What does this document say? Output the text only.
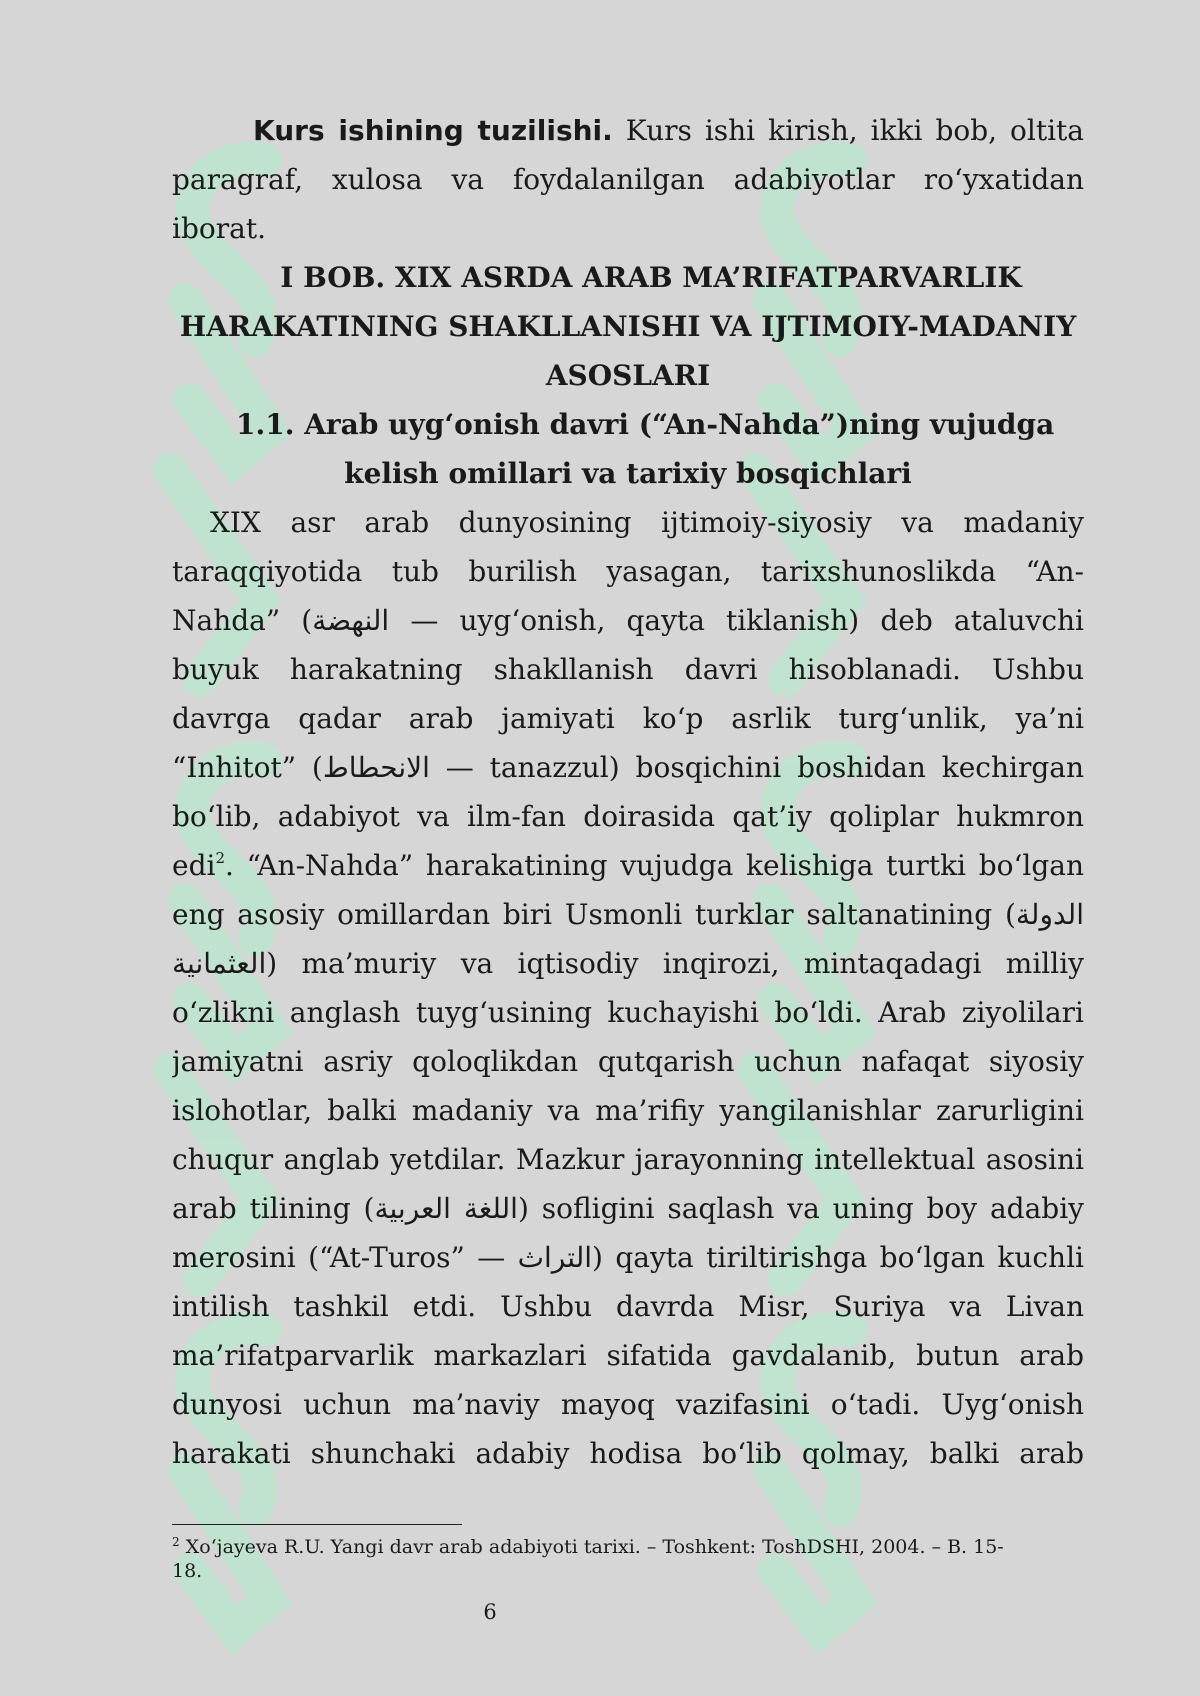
Kurs ishining tuzilishi. Kurs ishi kirish, ikki bob, oltita
paragraf, xulosa va foydalanilgan adabiyotlar ro‘yxatidan
iborat.
I BOB. XIX ASRDA ARAB MA’RIFATPARVARLIK
HARAKATINING SHAKLLANISHI VA IJTIMOIY-MADANIY
ASOSLARI
1.1. Arab uyg‘onish davri (“An-Nahda”)ning vujudga
kelish omillari va tarixiy bosqichlari
XIX asr arab dunyosining ijtimoiy-siyosiy va madaniy
taraqqiyotida tub burilish yasagan, tarixshunoslikda “An-
Nahda” (النهضة — uyg‘onish, qayta tiklanish) deb ataluvchi
buyuk harakatning shakllanish davri hisoblanadi. Ushbu
davrga qadar arab jamiyati ko‘p asrlik turg‘unlik, ya’ni
“Inhitot” (الانحطاط — tanazzul) bosqichini boshidan kechirgan
bo‘lib, adabiyot va ilm-fan doirasida qat’iy qoliplar hukmron
edi$^2$. “An-Nahda” harakatining vujudga kelishiga turtki bo‘lgan
eng asosiy omillardan biri Usmonli turklar saltanatining (الدولة
العثمانية) ma’muriy va iqtisodiy inqirozi, mintaqadagi milliy
o‘zlikni anglash tuyg‘usining kuchayishi bo‘ldi. Arab ziyolilari
jamiyatni asriy qoloqlikdan qutqarish uchun nafaqat siyosiy
islohotlar, balki madaniy va ma’rifiy yangilanishlar zarurligini
chuqur anglab yetdilar. Mazkur jarayonning intellektual asosini
arab tilining (اللغة العربية) sofligini saqlash va uning boy adabiy
merosini (“At-Turos” — التراث) qayta tiriltirishga bo‘lgan kuchli
intilish tashkil etdi. Ushbu davrda Misr, Suriya va Livan
ma’rifatparvarlik markazlari sifatida gavdalanib, butun arab
dunyosi uchun ma’naviy mayoq vazifasini o‘tadi. Uyg‘onish
harakati shunchaki adabiy hodisa bo‘lib qolmay, balki arab
$^2$ Xo‘jayeva R.U. Yangi davr arab adabiyoti tarixi. – Toshkent: ToshDSHI, 2004. – B. 15-
18.
6
